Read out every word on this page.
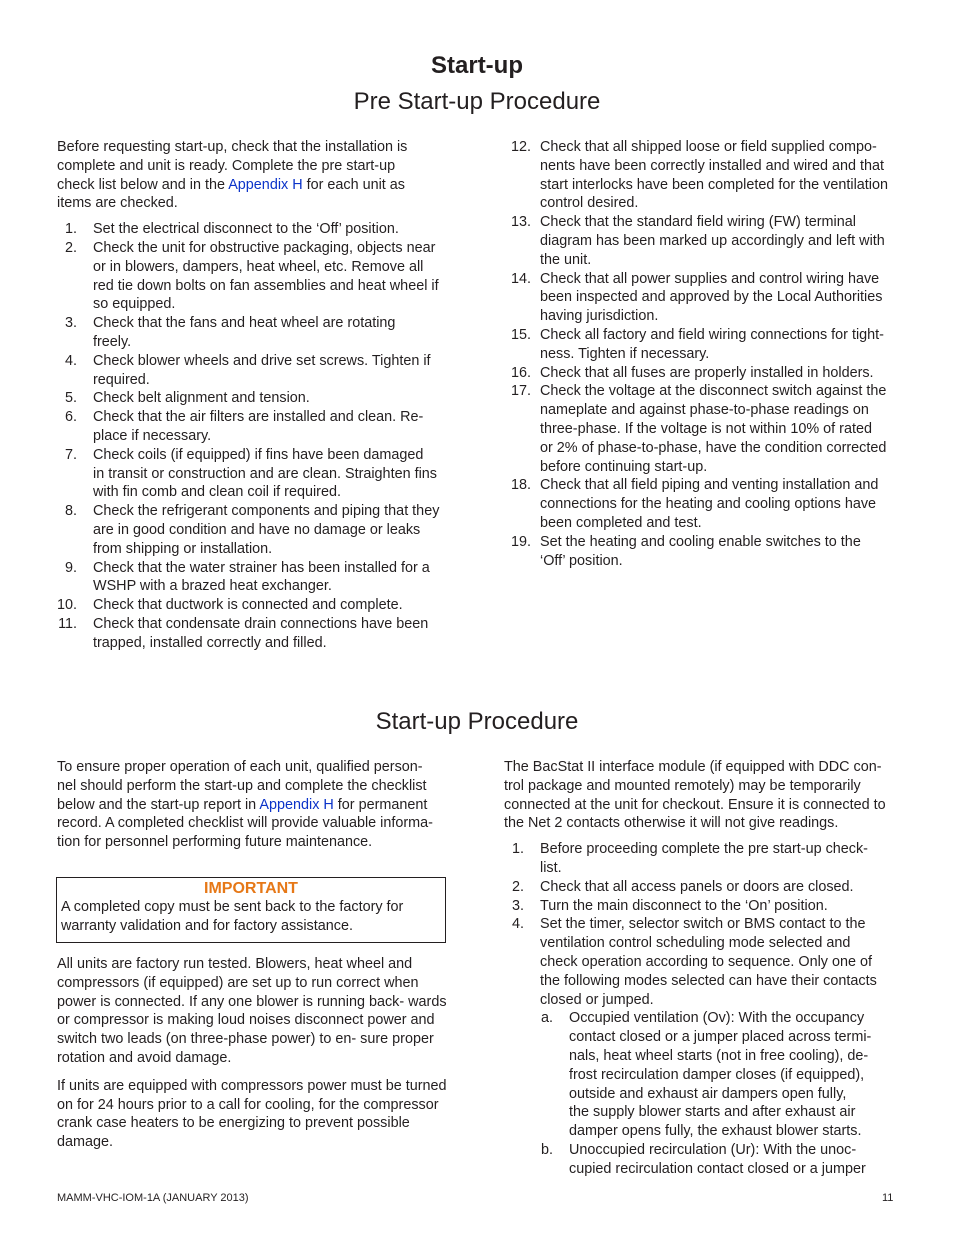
Start-up
Pre Start-up Procedure

Before requesting start-up, check that the installation is complete and unit is ready. Complete the pre start-up check list below and in the Appendix H for each unit as items are checked.

1. Set the electrical disconnect to the ‘Off’ position.
2. Check the unit for obstructive packaging, objects near
or in blowers, dampers, heat wheel, etc. Remove all
red tie down bolts on fan assemblies and heat wheel if
so equipped.
3. Check that the fans and heat wheel are rotating
freely.
4. Check blower wheels and drive set screws. Tighten if
required.
5. Check belt alignment and tension.
6. Check that the air filters are installed and clean. Re-
place if necessary.
7. Check coils (if equipped) if fins have been damaged
in transit or construction and are clean. Straighten fins
with fin comb and clean coil if required.
8. Check the refrigerant components and piping that they
are in good condition and have no damage or leaks
from shipping or installation.
9. Check that the water strainer has been installed for a
WSHP with a brazed heat exchanger.
10. Check that ductwork is connected and complete.
11. Check that condensate drain connections have been
trapped, installed correctly and filled.
12. Check that all shipped loose or field supplied compo-
nents have been correctly installed and wired and that
start interlocks have been completed for the ventilation
control desired.
13. Check that the standard field wiring (FW) terminal
diagram has been marked up accordingly and left with
the unit.
14. Check that all power supplies and control wiring have
been inspected and approved by the Local Authorities
having jurisdiction.
15. Check all factory and field wiring connections for tight-
ness. Tighten if necessary.
16. Check that all fuses are properly installed in holders.
17. Check the voltage at the disconnect switch against the
nameplate and against phase-to-phase readings on
three-phase. If the voltage is not within 10% of rated
or 2% of phase-to-phase, have the condition corrected
before continuing start-up.
18. Check that all field piping and venting installation and
connections for the heating and cooling options have
been completed and test.
19. Set the heating and cooling enable switches to the
‘Off’ position.
Start-up Procedure

To ensure proper operation of each unit, qualified person- nel should perform the start-up and complete the checklist below and the start-up report in Appendix H for permanent record. A completed checklist will provide valuable informa- tion for personnel performing future maintenance.

IMPORTANT
A completed copy must be sent back to the factory for warranty validation and for factory assistance.

All units are factory run tested. Blowers, heat wheel and compressors (if equipped) are set up to run correct when power is connected. If any one blower is running back- wards or compressor is making loud noises disconnect power and switch two leads (on three-phase power) to en- sure proper rotation and avoid damage.

If units are equipped with compressors power must be turned on for 24 hours prior to a call for cooling, for the compressor crank case heaters to be energizing to prevent possible damage.

The BacStat II interface module (if equipped with DDC con- trol package and mounted remotely) may be temporarily connected at the unit for checkout. Ensure it is connected to the Net 2 contacts otherwise it will not give readings.

1. Before proceeding complete the pre start-up check-
list.
2. Check that all access panels or doors are closed.
3. Turn the main disconnect to the ‘On’ position.
4. Set the timer, selector switch or BMS contact to the
ventilation control scheduling mode selected and
check operation according to sequence. Only one of
the following modes selected can have their contacts
closed or jumped.
a. Occupied ventilation (Ov): With the occupancy
contact closed or a jumper placed across termi-
nals, heat wheel starts (not in free cooling), de-
frost recirculation damper closes (if equipped),
outside and exhaust air dampers open fully,
the supply blower starts and after exhaust air
damper opens fully, the exhaust blower starts.
b. Unoccupied recirculation (Ur): With the unoc-
cupied recirculation contact closed or a jumper
MAMM-VHC-IOM-1A (JANUARY 2013)	11
